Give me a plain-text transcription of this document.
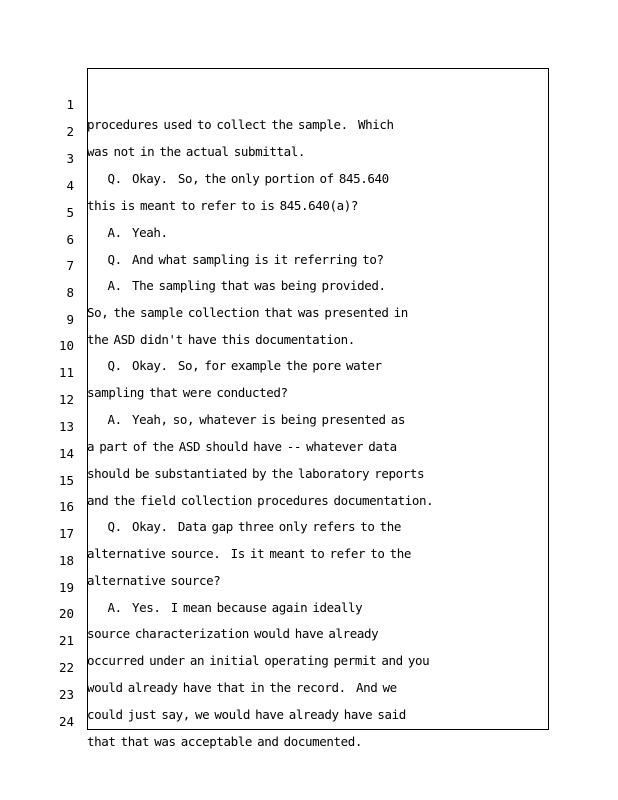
1

procedures used to collect the sample.  Which

2

was not in the actual submittal.

3

Q.  Okay.  So, the only portion of 845.640

4

this is meant to refer to is 845.640(a)?

5

A.  Yeah.

6

Q.  And what sampling is it referring to?

7

A.  The sampling that was being provided.

8

So, the sample collection that was presented in

9

the ASD didn't have this documentation.

10

Q.  Okay.  So, for example the pore water

11

sampling that were conducted?

12

A.  Yeah, so, whatever is being presented as

13

a part of the ASD should have -- whatever data

14

should be substantiated by the laboratory reports

15

and the field collection procedures documentation.

16

Q.  Okay.  Data gap three only refers to the

17

alternative source.  Is it meant to refer to the

18

alternative source?

19

A.  Yes.  I mean because again ideally

20

source characterization would have already

21

occurred under an initial operating permit and you

22

would already have that in the record.  And we

23

could just say, we would have already have said

24

that that was acceptable and documented.
